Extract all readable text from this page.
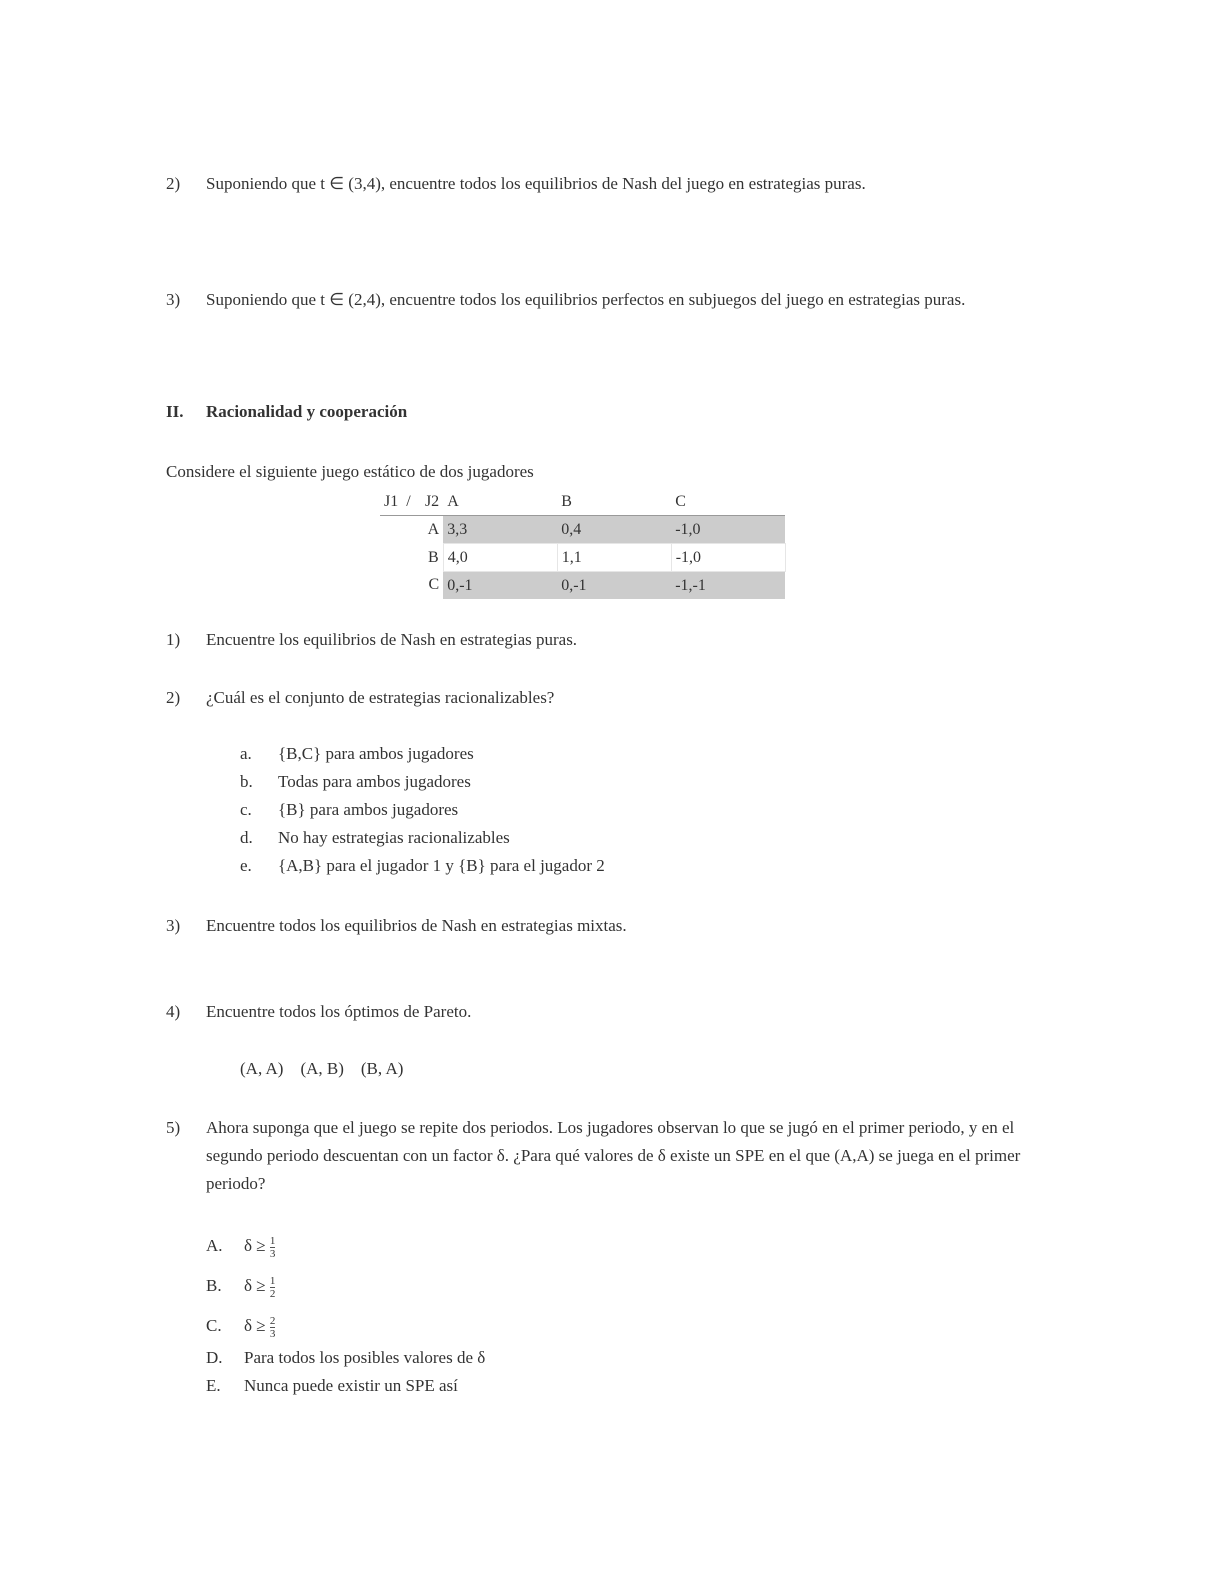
2) Suponiendo que t ∈ (3,4), encuentre todos los equilibrios de Nash del juego en estrategias puras.
3) Suponiendo que t ∈ (2,4), encuentre todos los equilibrios perfectos en subjuegos del juego en estrategias puras.
II. Racionalidad y cooperación
Considere el siguiente juego estático de dos jugadores
J1	/	J2	A	B	C
		A	3,3	0,4	-1,0
		B	4,0	1,1	-1,0
		C	0,-1	0,-1	-1,-1
1) Encuentre los equilibrios de Nash en estrategias puras.
2) ¿Cuál es el conjunto de estrategias racionalizables?
a. {B,C} para ambos jugadores
b. Todas para ambos jugadores
c. {B} para ambos jugadores
d. No hay estrategias racionalizables
e. {A,B} para el jugador 1 y {B} para el jugador 2
3) Encuentre todos los equilibrios de Nash en estrategias mixtas.
4) Encuentre todos los óptimos de Pareto.
(A, A)    (A, B)    (B, A)
5) Ahora suponga que el juego se repite dos periodos. Los jugadores observan lo que se jugó en el primer periodo, y en el segundo periodo descuentan con un factor δ. ¿Para qué valores de δ existe un SPE en el que (A,A) se juega en el primer periodo?
A. $\delta \ge \frac{1}{3}$
B. $\delta \ge \frac{1}{2}$
C. $\delta \ge \frac{2}{3}$
D. Para todos los posibles valores de δ
E. Nunca puede existir un SPE así
